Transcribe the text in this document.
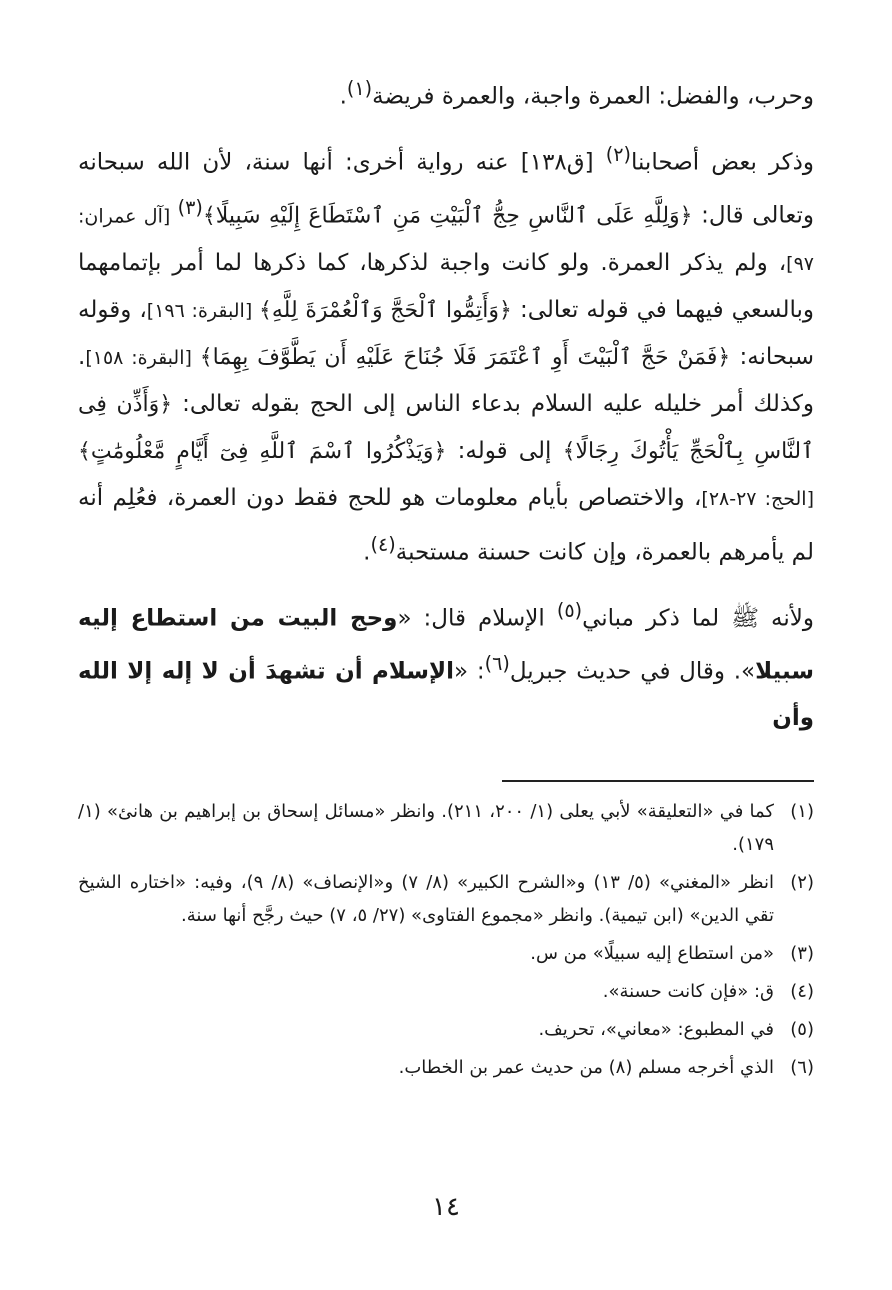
وحرب، والفضل: العمرة واجبة، والعمرة فريضة$^{(١)}$.

وذكر بعض أصحابنا$^{(٢)}$ [ق١٣٨] عنه رواية أخرى: أنها سنة، لأن الله سبحانه وتعالى قال: ﴿وَلِلَّهِ عَلَى ٱلنَّاسِ حِجُّ ٱلْبَيْتِ مَنِ ٱسْتَطَاعَ إِلَيْهِ سَبِيلًا﴾$^{(٣)}$ [آل عمران: ٩٧]، ولم يذكر العمرة. ولو كانت واجبة لذكرها، كما ذكرها لما أمر بإتمامهما وبالسعي فيهما في قوله تعالى: ﴿وَأَتِمُّوا ٱلْحَجَّ وَٱلْعُمْرَةَ لِلَّهِ﴾ [البقرة: ١٩٦]، وقوله سبحانه: ﴿فَمَنْ حَجَّ ٱلْبَيْتَ أَوِ ٱعْتَمَرَ فَلَا جُنَاحَ عَلَيْهِ أَن يَطَّوَّفَ بِهِمَا﴾ [البقرة: ١٥٨]. وكذلك أمر خليله عليه السلام بدعاء الناس إلى الحج بقوله تعالى: ﴿وَأَذِّن فِى ٱلنَّاسِ بِٱلْحَجِّ يَأْتُوكَ رِجَالًا﴾ إلى قوله: ﴿وَيَذْكُرُوا ٱسْمَ ٱللَّهِ فِىٓ أَيَّامٍ مَّعْلُومَٰتٍ﴾ [الحج: ٢٧-٢٨]، والاختصاص بأيام معلومات هو للحج فقط دون العمرة، فعُلِم أنه لم يأمرهم بالعمرة، وإن كانت حسنة مستحبة$^{(٤)}$.

ولأنه ﷺ لما ذكر مباني$^{(٥)}$ الإسلام قال: «وحج البيت من استطاع إليه سبيلا». وقال في حديث جبريل$^{(٦)}$: «الإسلام أن تشهدَ أن لا إله إلا الله وأن

(١)
كما في «التعليقة» لأبي يعلى (١/ ٢٠٠، ٢١١). وانظر «مسائل إسحاق بن إبراهيم بن هانئ» (١/ ١٧٩).
(٢)
انظر «المغني» (٥/ ١٣) و«الشرح الكبير» (٨/ ٧) و«الإنصاف» (٨/ ٩)، وفيه: «اختاره الشيخ تقي الدين» (ابن تيمية). وانظر «مجموع الفتاوى» (٢٧/ ٥، ٧) حيث رجَّح أنها سنة.
(٣)
«من استطاع إليه سبيلًا» من س.
(٤)
ق: «فإن كانت حسنة».
(٥)
في المطبوع: «معاني»، تحريف.
(٦)
الذي أخرجه مسلم (٨) من حديث عمر بن الخطاب.
١٤
